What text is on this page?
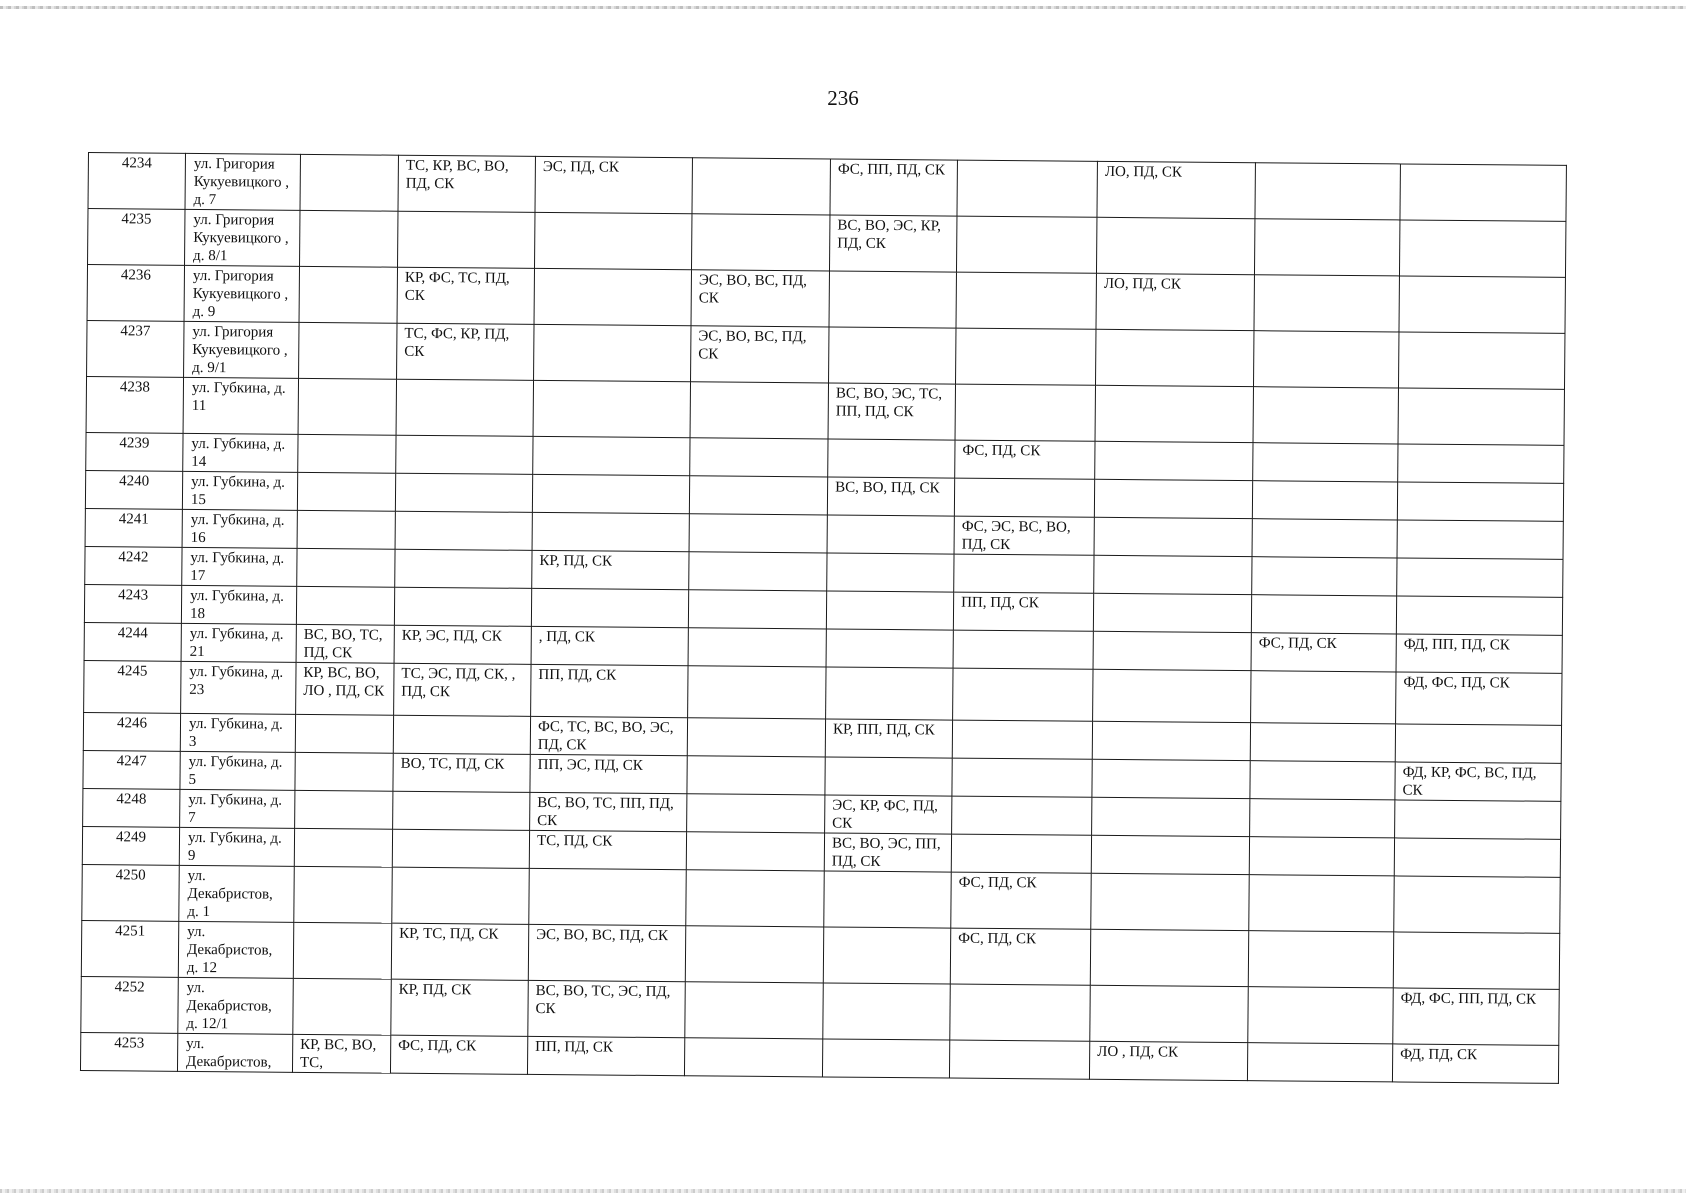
236
4234	ул. Григория Кукуевицкого , д. 7		ТС, КР, ВС, ВО, ПД, СК	ЭС, ПД, СК		ФС, ПП, ПД, СК		ЛО, ПД, СК		
4235	ул. Григория Кукуевицкого , д. 8/1					ВС, ВО, ЭС, КР, ПД, СК				
4236	ул. Григория Кукуевицкого , д. 9		КР, ФС, ТС, ПД, СК		ЭС, ВО, ВС, ПД, СК			ЛО, ПД, СК		
4237	ул. Григория Кукуевицкого , д. 9/1		ТС, ФС, КР, ПД, СК		ЭС, ВО, ВС, ПД, СК					
4238	ул. Губкина, д. 11					ВС, ВО, ЭС, ТС, ПП, ПД, СК				
4239	ул. Губкина, д. 14						ФС, ПД, СК			
4240	ул. Губкина, д. 15					ВС, ВО, ПД, СК				
4241	ул. Губкина, д. 16						ФС, ЭС, ВС, ВО, ПД, СК			
4242	ул. Губкина, д. 17			КР, ПД, СК						
4243	ул. Губкина, д. 18						ПП, ПД, СК			
4244	ул. Губкина, д. 21	ВС, ВО, ТС, ПД, СК	КР, ЭС, ПД, СК	, ПД, СК					ФС, ПД, СК	ФД, ПП, ПД, СК
4245	ул. Губкина, д. 23	КР, ВС, ВО, ЛО , ПД, СК	ТС, ЭС, ПД, СК, , ПД, СК	ПП, ПД, СК						ФД, ФС, ПД, СК
4246	ул. Губкина, д. 3			ФС, ТС, ВС, ВО, ЭС, ПД, СК		КР, ПП, ПД, СК				
4247	ул. Губкина, д. 5		ВО, ТС, ПД, СК	ПП, ЭС, ПД, СК						ФД, КР, ФС, ВС, ПД, СК
4248	ул. Губкина, д. 7			ВС, ВО, ТС, ПП, ПД, СК		ЭС, КР, ФС, ПД, СК				
4249	ул. Губкина, д. 9			ТС, ПД, СК		ВС, ВО, ЭС, ПП, ПД, СК				
4250	ул. Декабристов, д. 1						ФС, ПД, СК			
4251	ул. Декабристов, д. 12		КР, ТС, ПД, СК	ЭС, ВО, ВС, ПД, СК			ФС, ПД, СК			
4252	ул. Декабристов, д. 12/1		КР, ПД, СК	ВС, ВО, ТС, ЭС, ПД, СК						ФД, ФС, ПП, ПД, СК
4253	ул. Декабристов,	КР, ВС, ВО, ТС,	ФС, ПД, СК	ПП, ПД, СК				ЛО , ПД, СК		ФД, ПД, СК
